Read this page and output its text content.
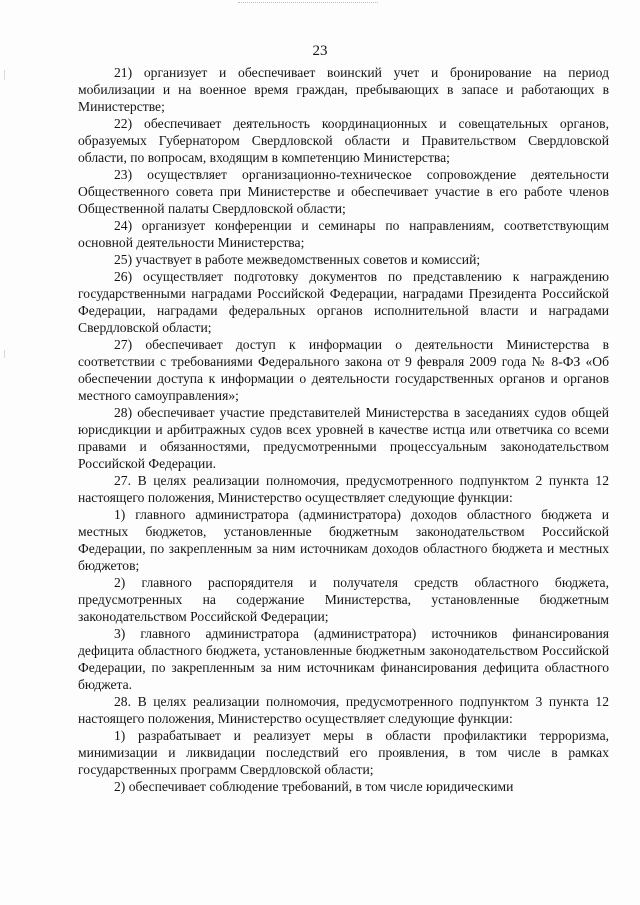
23

21) организует и обеспечивает воинский учет и бронирование на период мобилизации и на военное время граждан, пребывающих в запасе и работающих в Министерстве;

22) обеспечивает деятельность координационных и совещательных органов, образуемых Губернатором Свердловской области и Правительством Свердловской области, по вопросам, входящим в компетенцию Министерства;

23) осуществляет организационно-техническое сопровождение деятельности Общественного совета при Министерстве и обеспечивает участие в его работе членов Общественной палаты Свердловской области;

24) организует конференции и семинары по направлениям, соответствующим основной деятельности Министерства;

25) участвует в работе межведомственных советов и комиссий;

26) осуществляет подготовку документов по представлению к награждению государственными наградами Российской Федерации, наградами Президента Российской Федерации, наградами федеральных органов исполнительной власти и наградами Свердловской области;

27) обеспечивает доступ к информации о деятельности Министерства в соответствии с требованиями Федерального закона от 9 февраля 2009 года № 8-ФЗ «Об обеспечении доступа к информации о деятельности государственных органов и органов местного самоуправления»;

28) обеспечивает участие представителей Министерства в заседаниях судов общей юрисдикции и арбитражных судов всех уровней в качестве истца или ответчика со всеми правами и обязанностями, предусмотренными процессуальным законодательством Российской Федерации.

27. В целях реализации полномочия, предусмотренного подпунктом 2 пункта 12 настоящего положения, Министерство осуществляет следующие функции:

1) главного администратора (администратора) доходов областного бюджета и местных бюджетов, установленные бюджетным законодательством Российской Федерации, по закрепленным за ним источникам доходов областного бюджета и местных бюджетов;

2) главного распорядителя и получателя средств областного бюджета, предусмотренных на содержание Министерства, установленные бюджетным законодательством Российской Федерации;

3) главного администратора (администратора) источников финансирования дефицита областного бюджета, установленные бюджетным законодательством Российской Федерации, по закрепленным за ним источникам финансирования дефицита областного бюджета.

28. В целях реализации полномочия, предусмотренного подпунктом 3 пункта 12 настоящего положения, Министерство осуществляет следующие функции:

1) разрабатывает и реализует меры в области профилактики терроризма, минимизации и ликвидации последствий его проявления, в том числе в рамках государственных программ Свердловской области;

2) обеспечивает соблюдение требований, в том числе юридическими
